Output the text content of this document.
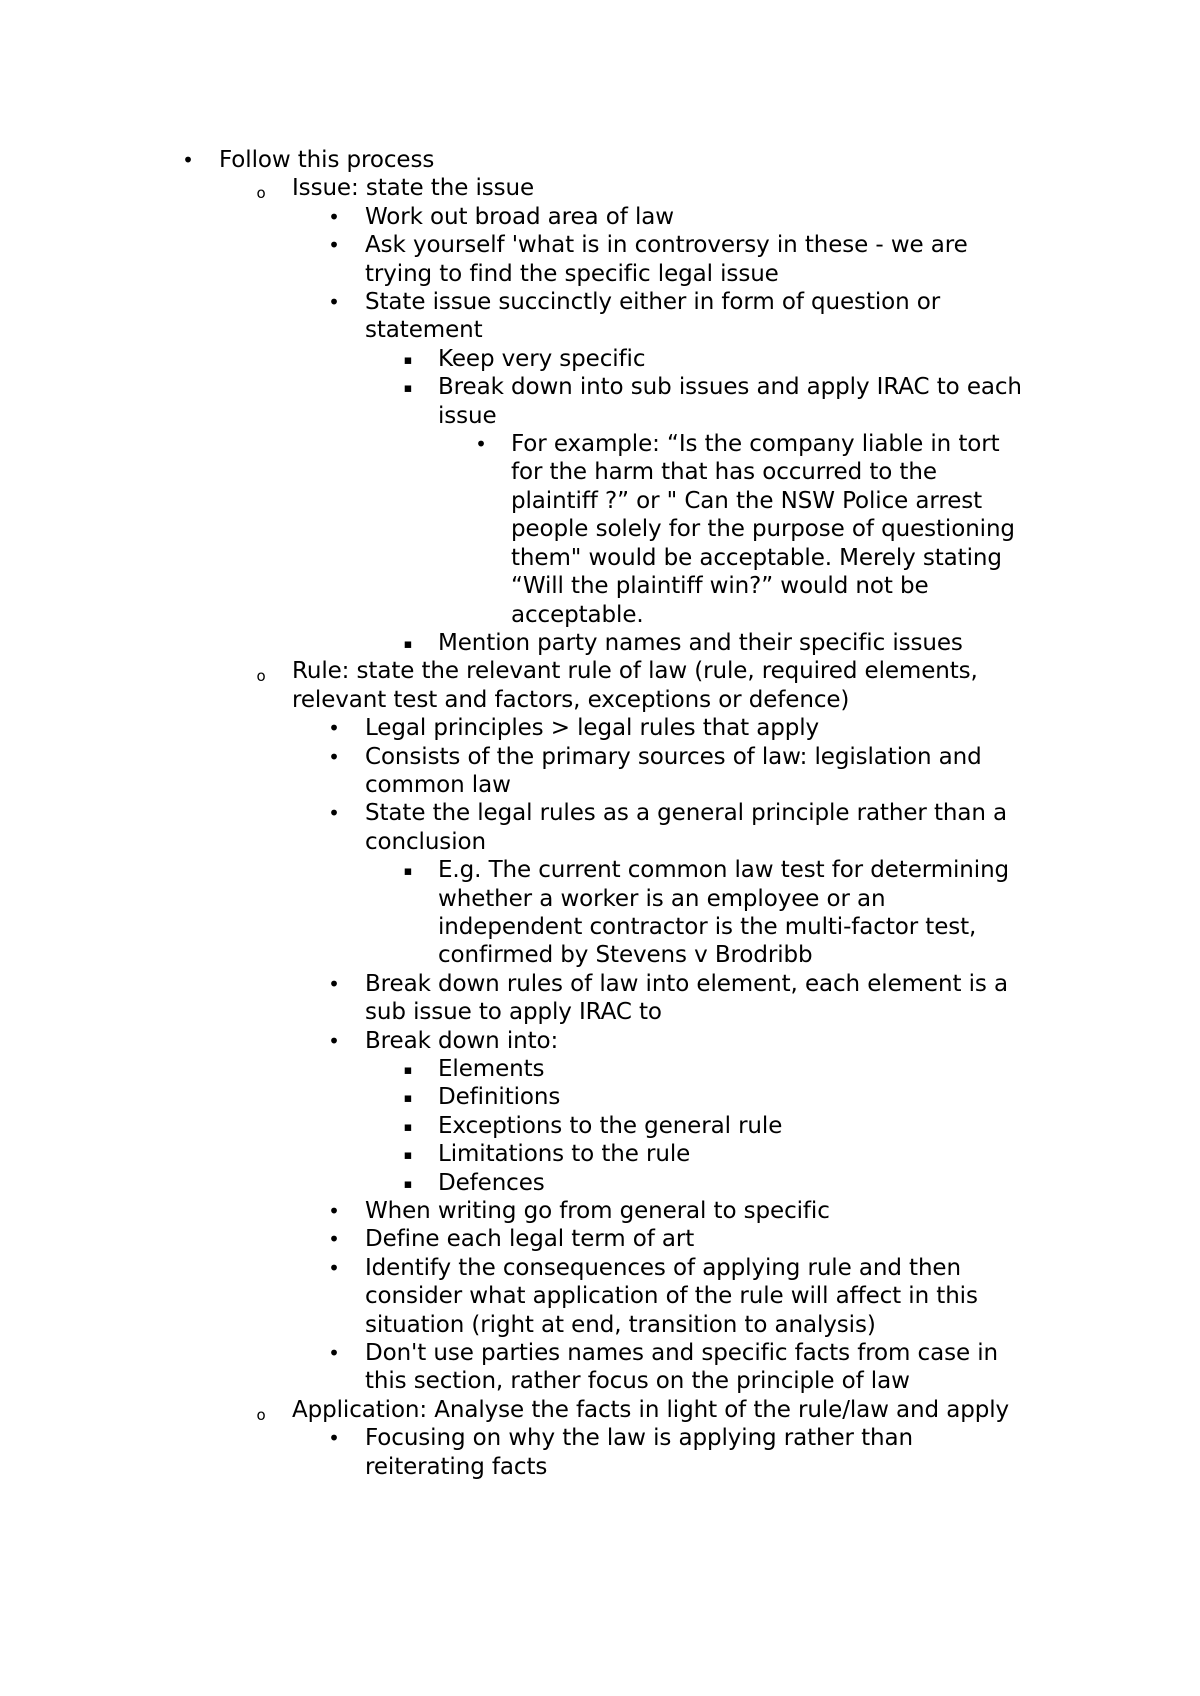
•
Follow this process
o
Issue: state the issue
•
Work out broad area of law
•
Ask yourself 'what is in controversy in these - we are
trying to find the specific legal issue
•
State issue succinctly either in form of question or
statement
▪
Keep very specific
▪
Break down into sub issues and apply IRAC to each
issue
•
For example: “Is the company liable in tort
for the harm that has occurred to the
plaintiff ?” or " Can the NSW Police arrest
people solely for the purpose of questioning
them" would be acceptable. Merely stating
“Will the plaintiff win?” would not be
acceptable.
▪
Mention party names and their specific issues
o
Rule: state the relevant rule of law (rule, required elements,
relevant test and factors, exceptions or defence)
•
Legal principles > legal rules that apply
•
Consists of the primary sources of law: legislation and
common law
•
State the legal rules as a general principle rather than a
conclusion
▪
E.g. The current common law test for determining
whether a worker is an employee or an
independent contractor is the multi-factor test,
confirmed by Stevens v Brodribb
•
Break down rules of law into element, each element is a
sub issue to apply IRAC to
•
Break down into:
▪
Elements
▪
Definitions
▪
Exceptions to the general rule
▪
Limitations to the rule
▪
Defences
•
When writing go from general to specific
•
Define each legal term of art
•
Identify the consequences of applying rule and then
consider what application of the rule will affect in this
situation (right at end, transition to analysis)
•
Don't use parties names and specific facts from case in
this section, rather focus on the principle of law
o
Application: Analyse the facts in light of the rule/law and apply
•
Focusing on why the law is applying rather than
reiterating facts
